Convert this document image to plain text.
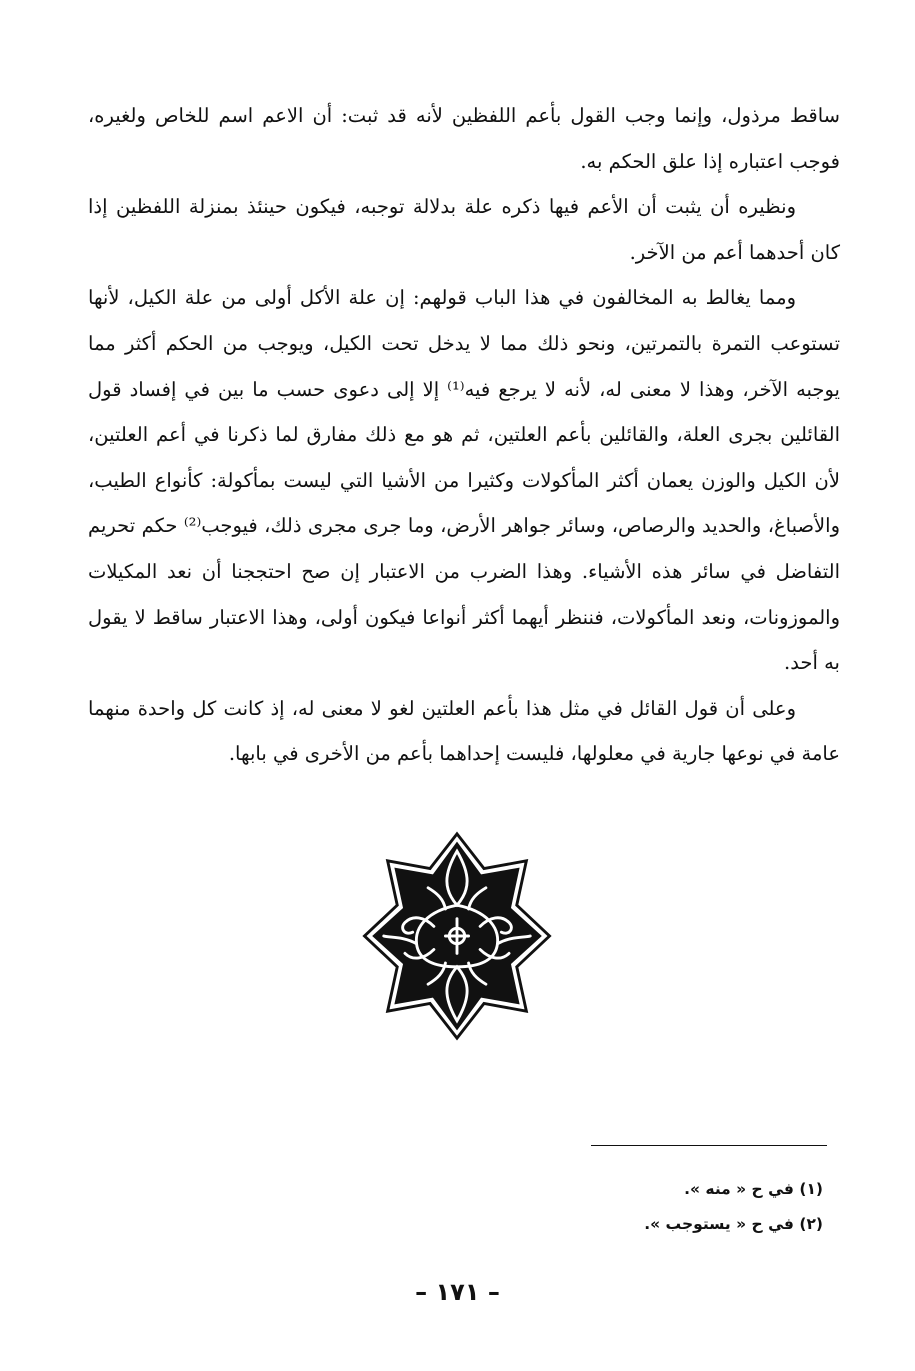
ساقط مرذول، وإنما وجب القول بأعم اللفظين لأنه قد ثبت: أن الاعم اسم للخاص ولغيره، فوجب اعتباره إذا علق الحكم به.

ونظيره أن يثبت أن الأعم فيها ذكره علة بدلالة توجبه، فيكون حينئذ بمنزلة اللفظين إذا كان أحدهما أعم من الآخر.

ومما يغالط به المخالفون في هذا الباب قولهم: إن علة الأكل أولى من علة الكيل، لأنها تستوعب التمرة بالتمرتين، ونحو ذلك مما لا يدخل تحت الكيل، ويوجب من الحكم أكثر مما يوجبه الآخر، وهذا لا معنى له، لأنه لا يرجع فيه⁽¹⁾ إلا إلى دعوى حسب ما بين في إفساد قول القائلين بجرى العلة، والقائلين بأعم العلتين، ثم هو مع ذلك مفارق لما ذكرنا في أعم العلتين، لأن الكيل والوزن يعمان أكثر المأكولات وكثيرا من الأشيا التي ليست بمأكولة: كأنواع الطيب، والأصباغ، والحديد والرصاص، وسائر جواهر الأرض، وما جرى مجرى ذلك، فيوجب⁽²⁾ حكم تحريم التفاضل في سائر هذه الأشياء. وهذا الضرب من الاعتبار إن صح احتججنا أن نعد المكيلات والموزونات، ونعد المأكولات، فننظر أيهما أكثر أنواعا فيكون أولى، وهذا الاعتبار ساقط لا يقول به أحد.

وعلى أن قول القائل في مثل هذا بأعم العلتين لغو لا معنى له، إذ كانت كل واحدة منهما عامة في نوعها جارية في معلولها، فليست إحداهما بأعم من الأخرى في بابها.

(١) في ح « منه ».

(٢) في ح « يستوجب ».

– ١٧١ –
